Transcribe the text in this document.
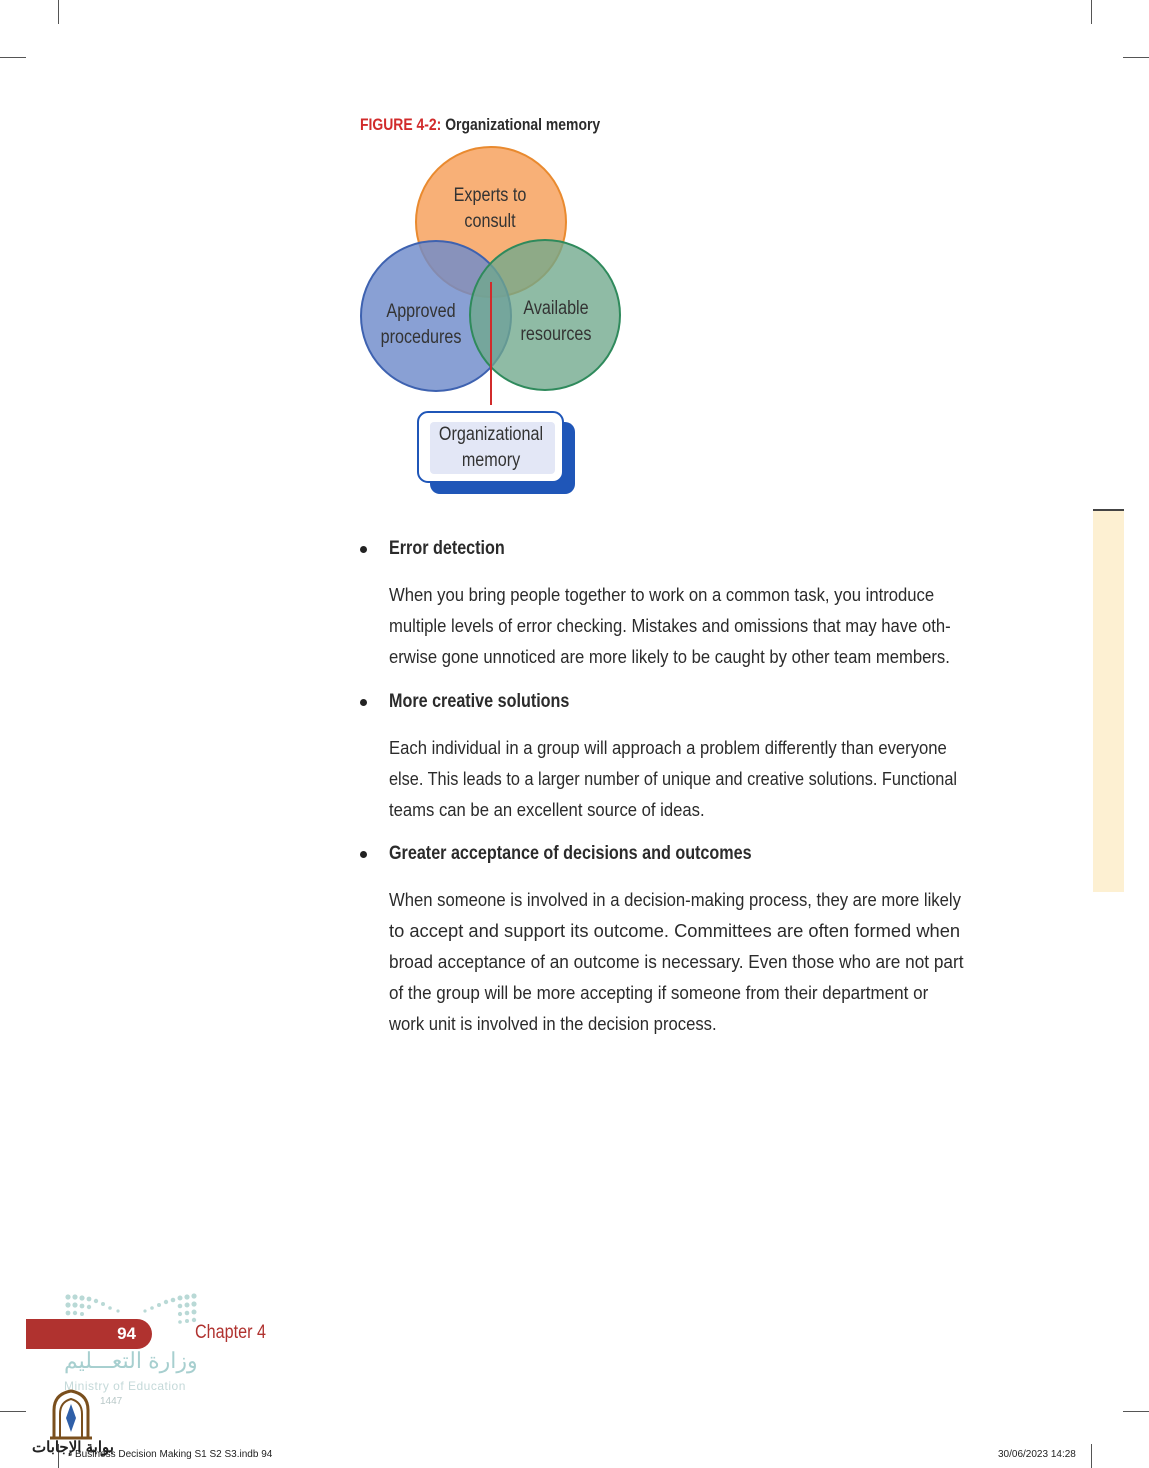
FIGURE 4-2: Organizational memory
Experts to
consult
Approved
procedures
Available
resources
Organizational
memory
Error detection
When you bring people together to work on a common task, you introduce
multiple levels of error checking. Mistakes and omissions that may have oth-
erwise gone unnoticed are more likely to be caught by other team members.
More creative solutions
Each individual in a group will approach a problem differently than everyone
else. This leads to a larger number of unique and creative solutions. Functional
teams can be an excellent source of ideas.
Greater acceptance of decisions and outcomes
When someone is involved in a decision-making process, they are more likely
to accept and support its outcome. Committees are often formed when
broad acceptance of an outcome is necessary. Even those who are not part
of the group will be more accepting if someone from their department or
work unit is involved in the decision process.
94	Chapter 4
وزارة التعـــليم
Ministry of Education
1447
بوابة الإجابات
Business Decision Making S1 S2 S3.indb 94	30/06/2023 14:28
